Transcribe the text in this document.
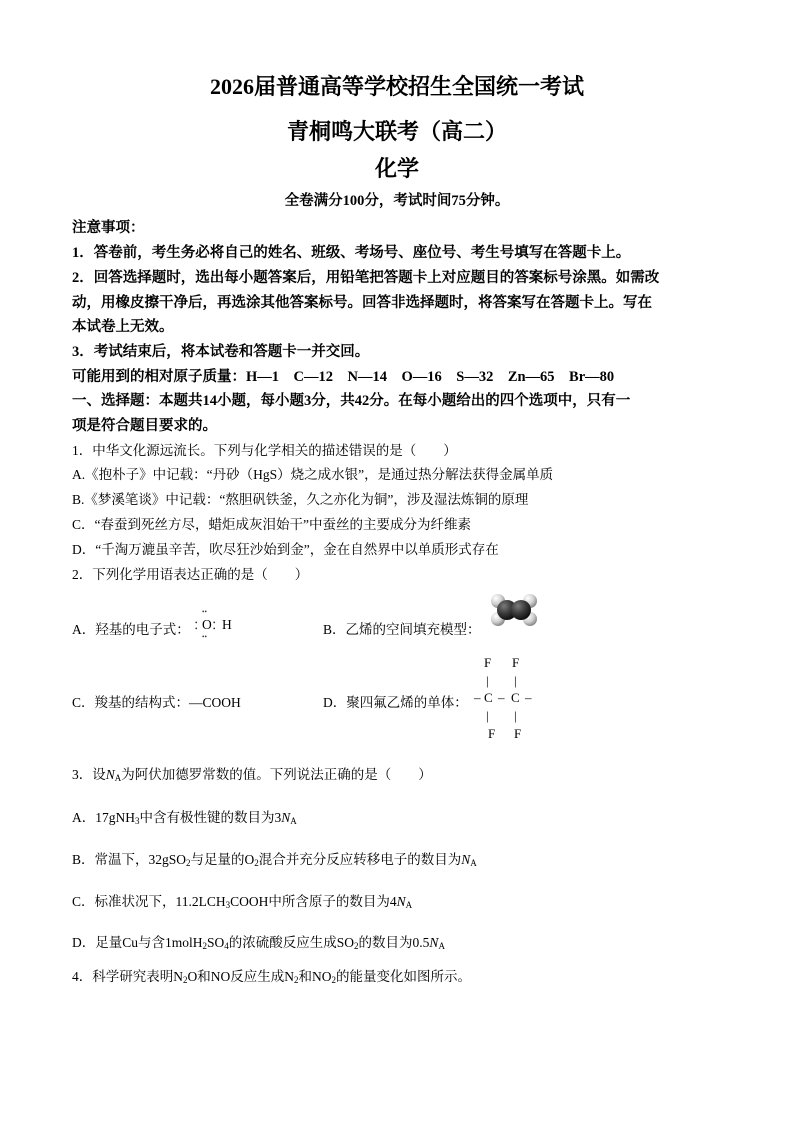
2026届普通高等学校招生全国统一考试
青桐鸣大联考（高二）
化学
全卷满分100分，考试时间75分钟。
注意事项：
1．答卷前，考生务必将自己的姓名、班级、考场号、座位号、考生号填写在答题卡上。
2．回答选择题时，选出每小题答案后，用铅笔把答题卡上对应题目的答案标号涂黑。如需改
动，用橡皮擦干净后，再选涂其他答案标号。回答非选择题时，将答案写在答题卡上。写在
本试卷上无效。
3．考试结束后，将本试卷和答题卡一并交回。
可能用到的相对原子质量：H—1　C—12　N—14　O—16　S—32　Zn—65　Br—80
一、选择题：本题共14小题，每小题3分，共42分。在每小题给出的四个选项中，只有一
项是符合题目要求的。
1．中华文化源远流长。下列与化学相关的描述错误的是（　　）
A.《抱朴子》中记载：“丹砂（HgS）烧之成水银”，是通过热分解法获得金属单质
B.《梦溪笔谈》中记载：“熬胆矾铁釜，久之亦化为铜”，涉及湿法炼铜的原理
C．“春蚕到死丝方尽，蜡炬成灰泪始干”中蚕丝的主要成分为纤维素
D．“千淘万漉虽辛苦，吹尽狂沙始到金”，金在自然界中以单质形式存在
2．下列化学用语表达正确的是（　　）
A．羟基的电子式：
••
•
• O •
•
••
H	B．乙烯的空间填充模型：
C．羧基的结构式：—COOH	D．聚四氟乙烯的单体：
F F
| |
– C – C –
| |
F F
3．设$N_A$为阿伏加德罗常数的值。下列说法正确的是（　　）
A．17gNH$_3$中含有极性键的数目为$3N_A$
B．常温下，32gSO$_2$与足量的$O_2$混合并充分反应转移电子的数目为$N_A$
C．标准状况下，$11.2LCH_3COOH$中所含原子的数目为$4N_A$
D．足量Cu与含$1molH_2SO_4$的浓硫酸反应生成$SO_2$的数目为$0.5N_A$
4．科学研究表明$N_2O$和NO反应生成$N_2$和$NO_2$的能量变化如图所示。
